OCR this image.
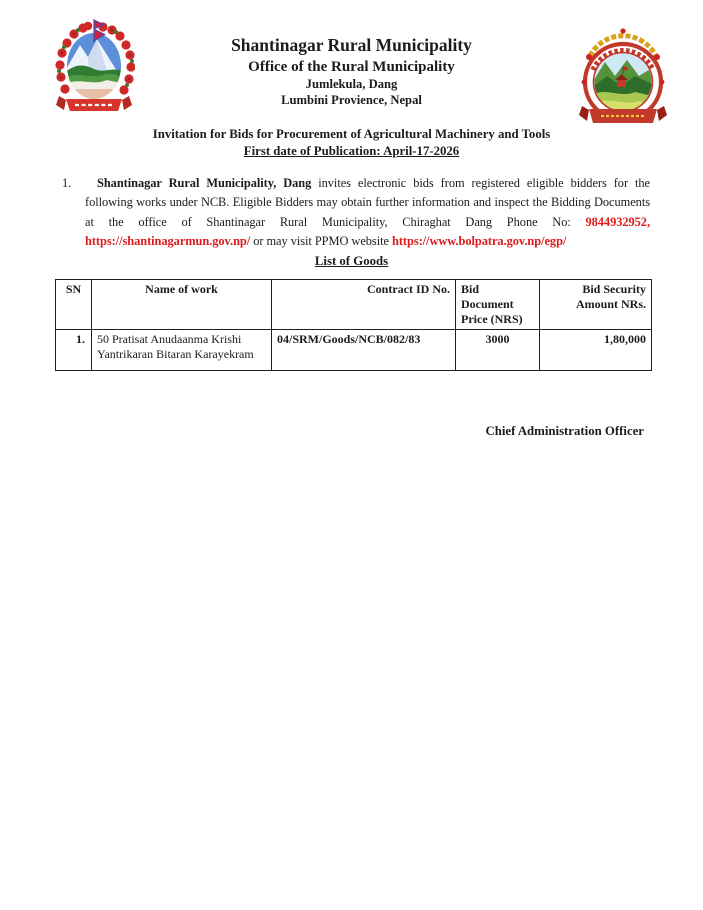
Shantinagar Rural Municipality
Office of the Rural Municipality
Jumlekula, Dang
Lumbini Provience, Nepal
Invitation for Bids for Procurement of Agricultural Machinery and Tools
First date of Publication: April-17-2026
1.	Shantinagar Rural Municipality, Dang invites electronic bids from registered eligible bidders for the following works under NCB. Eligible Bidders may obtain further information and inspect the Bidding Documents at the office of Shantinagar Rural Municipality, Chiraghat Dang Phone No: 9844932952, https://shantinagarmun.gov.np/ or may visit PPMO website https://www.bolpatra.gov.np/egp/
List of Goods
SN	Name of work	Contract ID No.	Bid Document Price (NRS)	Bid Security Amount NRs.
1.	50 Pratisat Anudaanma Krishi Yantrikaran Bitaran Karayekram	04/SRM/Goods/NCB/082/83	3000	1,80,000
Chief Administration Officer
